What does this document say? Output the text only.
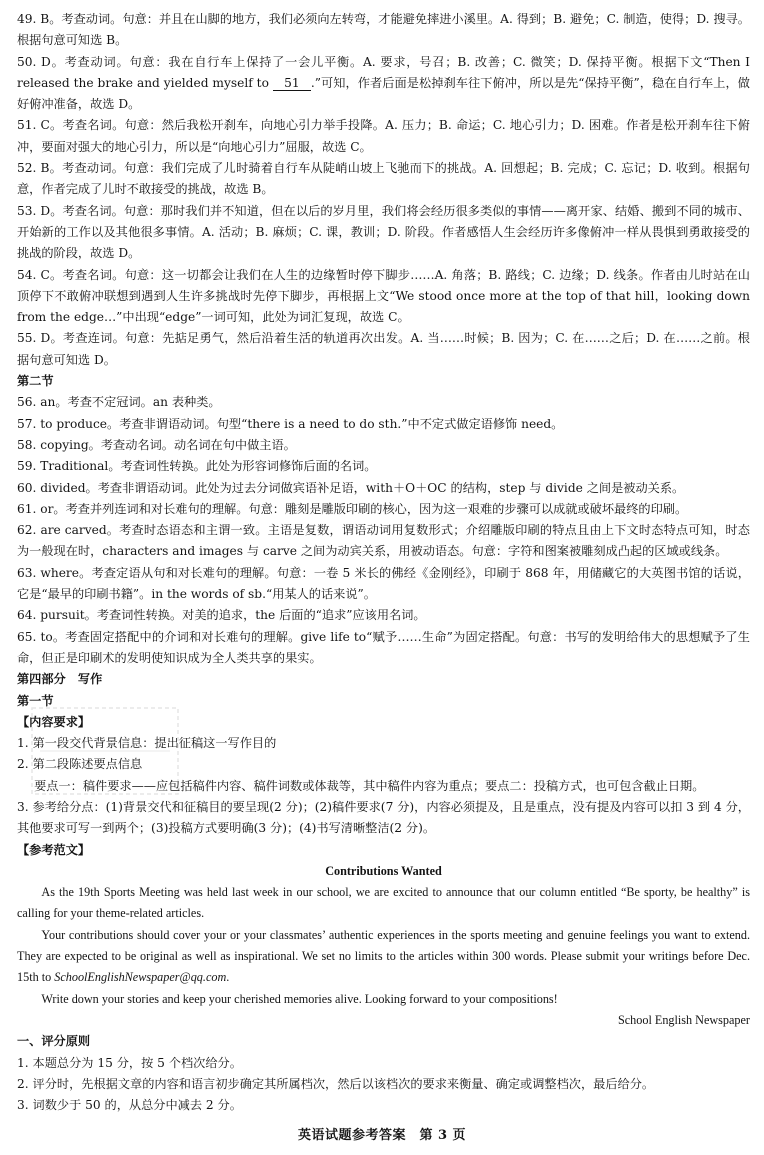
49. B。考查动词。句意：并且在山脚的地方，我们必须向左转弯，才能避免摔进小溪里。A. 得到；B. 避免；C. 制造，使得；D. 搜寻。根据句意可知选 B。

50. D。考查动词。句意：我在自行车上保持了一会儿平衡。A. 要求，号召；B. 改善；C. 微笑；D. 保持平衡。根据下文“Then I released the brake and yielded myself to 51 .”可知，作者后面是松掉刹车往下俯冲，所以是先“保持平衡”，稳在自行车上，做好俯冲准备，故选 D。

51. C。考查名词。句意：然后我松开刹车，向地心引力举手投降。A. 压力；B. 命运；C. 地心引力；D. 困难。作者是松开刹车往下俯冲，要面对强大的地心引力，所以是“向地心引力”屈服，故选 C。

52. B。考查动词。句意：我们完成了儿时骑着自行车从陡峭山坡上飞驰而下的挑战。A. 回想起；B. 完成；C. 忘记；D. 收到。根据句意，作者完成了儿时不敢接受的挑战，故选 B。

53. D。考查名词。句意：那时我们并不知道，但在以后的岁月里，我们将会经历很多类似的事情——离开家、结婚、搬到不同的城市、开始新的工作以及其他很多事情。A. 活动；B. 麻烦；C. 课，教训；D. 阶段。作者感悟人生会经历许多像俯冲一样从畏惧到勇敢接受的挑战的阶段，故选 D。

54. C。考查名词。句意：这一切都会让我们在人生的边缘暂时停下脚步……A. 角落；B. 路线；C. 边缘；D. 线条。作者由儿时站在山顶停下不敢俯冲联想到遇到人生许多挑战时先停下脚步，再根据上文“We stood once more at the top of that hill，looking down from the edge…”中出现“edge”一词可知，此处为词汇复现，故选 C。

55. D。考查连词。句意：先掂足勇气，然后沿着生活的轨道再次出发。A. 当……时候；B. 因为；C. 在……之后；D. 在……之前。根据句意可知选 D。

第二节

56. an。考查不定冠词。an 表种类。

57. to produce。考查非谓语动词。句型“there is a need to do sth.”中不定式做定语修饰 need。

58. copying。考查动名词。动名词在句中做主语。

59. Traditional。考查词性转换。此处为形容词修饰后面的名词。

60. divided。考查非谓语动词。此处为过去分词做宾语补足语，with＋O＋OC 的结构，step 与 divide 之间是被动关系。

61. or。考查并列连词和对长难句的理解。句意：雕刻是雕版印刷的核心，因为这一艰难的步骤可以成就或破坏最终的印刷。

62. are carved。考查时态语态和主谓一致。主语是复数，谓语动词用复数形式；介绍雕版印刷的特点且由上下文时态特点可知，时态为一般现在时，characters and images 与 carve 之间为动宾关系，用被动语态。句意：字符和图案被雕刻成凸起的区域或线条。

63. where。考查定语从句和对长难句的理解。句意：一卷 5 米长的佛经《金刚经》，印刷于 868 年，用储藏它的大英图书馆的话说，它是“最早的印刷书籍”。in the words of sb.“用某人的话来说”。

64. pursuit。考查词性转换。对美的追求，the 后面的“追求”应该用名词。

65. to。考查固定搭配中的介词和对长难句的理解。give life to“赋予……生命”为固定搭配。句意：书写的发明给伟大的思想赋予了生命，但正是印刷术的发明使知识成为全人类共享的果实。

第四部分　写作

第一节

【内容要求】

1. 第一段交代背景信息：提出征稿这一写作目的

2. 第二段陈述要点信息

要点一：稿件要求——应包括稿件内容、稿件词数或体裁等，其中稿件内容为重点；要点二：投稿方式，也可包含截止日期。

3. 参考给分点：(1)背景交代和征稿目的要呈现(2 分)；(2)稿件要求(7 分)，内容必须提及，且是重点，没有提及内容可以扣 3 到 4 分，其他要求可写一到两个；(3)投稿方式要明确(3 分)；(4)书写清晰整洁(2 分)。

【参考范文】

Contributions Wanted

As the 19th Sports Meeting was held last week in our school, we are excited to announce that our column entitled “Be sporty, be healthy” is calling for your theme-related articles.

Your contributions should cover your or your classmates’ authentic experiences in the sports meeting and genuine feelings you want to extend. They are expected to be original as well as inspirational. We set no limits to the articles within 300 words. Please submit your writings before Dec. 15th to SchoolEnglishNewspaper@qq.com.

Write down your stories and keep your cherished memories alive. Looking forward to your compositions!

School English Newspaper

一、评分原则

1. 本题总分为 15 分，按 5 个档次给分。

2. 评分时，先根据文章的内容和语言初步确定其所属档次，然后以该档次的要求来衡量、确定或调整档次，最后给分。

3. 词数少于 50 的，从总分中减去 2 分。

英语试题参考答案　第 3 页
